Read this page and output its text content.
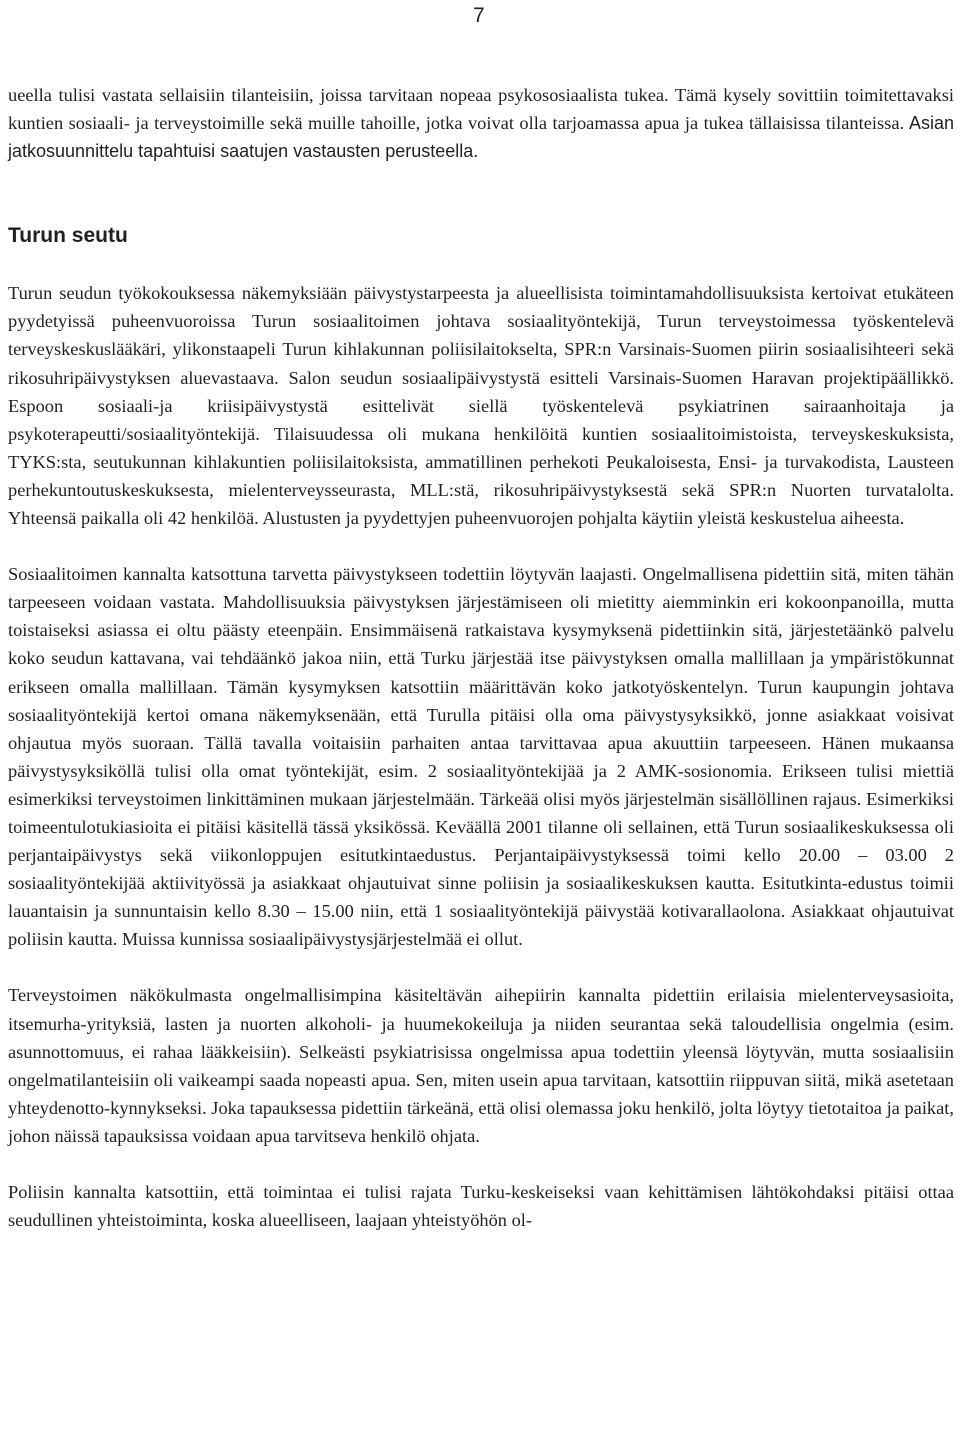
7

ueella tulisi vastata sellaisiin tilanteisiin, joissa tarvitaan nopeaa psykososiaalista tukea. Tämä kysely sovittiin toimitettavaksi kuntien sosiaali- ja terveystoimille sekä muille tahoille, jotka voivat olla tarjoamassa apua ja tukea tällaisissa tilanteissa. Asian jatkosuunnittelu tapahtuisi saatujen vastausten perusteella.

Turun seutu

Turun seudun työkokouksessa näkemyksiään päivystystarpeesta ja alueellisista toimintamahdollisuuksista kertoivat etukäteen pyydetyissä puheenvuoroissa Turun sosiaalitoimen johtava sosiaalityöntekijä, Turun terveystoimessa työskentelevä terveyskeskuslääkäri, ylikonstaapeli Turun kihlakunnan poliisilaitokselta, SPR:n Varsinais-Suomen piirin sosiaalisihteeri sekä rikosuhripäivystyksen aluevastaava. Salon seudun sosiaalipäivystystä esitteli Varsinais-Suomen Haravan projektipäällikkö. Espoon sosiaali-ja kriisipäivystystä esittelivät siellä työskentelevä psykiatrinen sairaanhoitaja ja psykoterapeutti/sosiaalityöntekijä. Tilaisuudessa oli mukana henkilöitä kuntien sosiaalitoimistoista, terveyskeskuksista, TYKS:sta, seutukunnan kihlakuntien poliisilaitoksista, ammatillinen perhekoti Peukaloisesta, Ensi- ja turvakodista, Lausteen perhekuntoutuskeskuksesta, mielenterveysseurasta, MLL:stä, rikosuhripäivystyksestä sekä SPR:n Nuorten turvatalolta. Yhteensä paikalla oli 42 henkilöä. Alustusten ja pyydettyjen puheenvuorojen pohjalta käytiin yleistä keskustelua aiheesta.

Sosiaalitoimen kannalta katsottuna tarvetta päivystykseen todettiin löytyvän laajasti. Ongelmallisena pidettiin sitä, miten tähän tarpeeseen voidaan vastata. Mahdollisuuksia päivystyksen järjestämiseen oli mietitty aiemminkin eri kokoonpanoilla, mutta toistaiseksi asiassa ei oltu päästy eteenpäin. Ensimmäisenä ratkaistava kysymyksenä pidettiinkin sitä, järjestetäänkö palvelu koko seudun kattavana, vai tehdäänkö jakoa niin, että Turku järjestää itse päivystyksen omalla mallillaan ja ympäristökunnat erikseen omalla mallillaan. Tämän kysymyksen katsottiin määrittävän koko jatkotyöskentelyn. Turun kaupungin johtava sosiaalityöntekijä kertoi omana näkemyksenään, että Turulla pitäisi olla oma päivystysyksikkö, jonne asiakkaat voisivat ohjautua myös suoraan. Tällä tavalla voitaisiin parhaiten antaa tarvittavaa apua akuuttiin tarpeeseen. Hänen mukaansa päivystysyksiköllä tulisi olla omat työntekijät, esim. 2 sosiaalityöntekijää ja 2 AMK-sosionomia. Erikseen tulisi miettiä esimerkiksi terveystoimen linkittäminen mukaan järjestelmään. Tärkeää olisi myös järjestelmän sisällöllinen rajaus. Esimerkiksi toimeentulotukiasioita ei pitäisi käsitellä tässä yksikössä. Keväällä 2001 tilanne oli sellainen, että Turun sosiaalikeskuksessa oli perjantaipäivystys sekä viikonloppujen esitutkintaedustus. Perjantaipäivystyksessä toimi kello 20.00 – 03.00 2 sosiaalityöntekijää aktiivityössä ja asiakkaat ohjautuivat sinne poliisin ja sosiaalikeskuksen kautta. Esitutkinta-edustus toimii lauantaisin ja sunnuntaisin kello 8.30 – 15.00 niin, että 1 sosiaalityöntekijä päivystää kotivarallaolona. Asiakkaat ohjautuivat poliisin kautta. Muissa kunnissa sosiaalipäivystysjärjestelmää ei ollut.

Terveystoimen näkökulmasta ongelmallisimpina käsiteltävän aihepiirin kannalta pidettiin erilaisia mielenterveysasioita, itsemurha-yrityksiä, lasten ja nuorten alkoholi- ja huumekokeiluja ja niiden seurantaa sekä taloudellisia ongelmia (esim. asunnottomuus, ei rahaa lääkkeisiin). Selkeästi psykiatrisissa ongelmissa apua todettiin yleensä löytyvän, mutta sosiaalisiin ongelmatilanteisiin oli vaikeampi saada nopeasti apua. Sen, miten usein apua tarvitaan, katsottiin riippuvan siitä, mikä asetetaan yhteydenotto-kynnykseksi. Joka tapauksessa pidettiin tärkeänä, että olisi olemassa joku henkilö, jolta löytyy tietotaitoa ja paikat, johon näissä tapauksissa voidaan apua tarvitseva henkilö ohjata.

Poliisin kannalta katsottiin, että toimintaa ei tulisi rajata Turku-keskeiseksi vaan kehittämisen lähtökohdaksi pitäisi ottaa seudullinen yhteistoiminta, koska alueelliseen, laajaan yhteistyöhön ol-
